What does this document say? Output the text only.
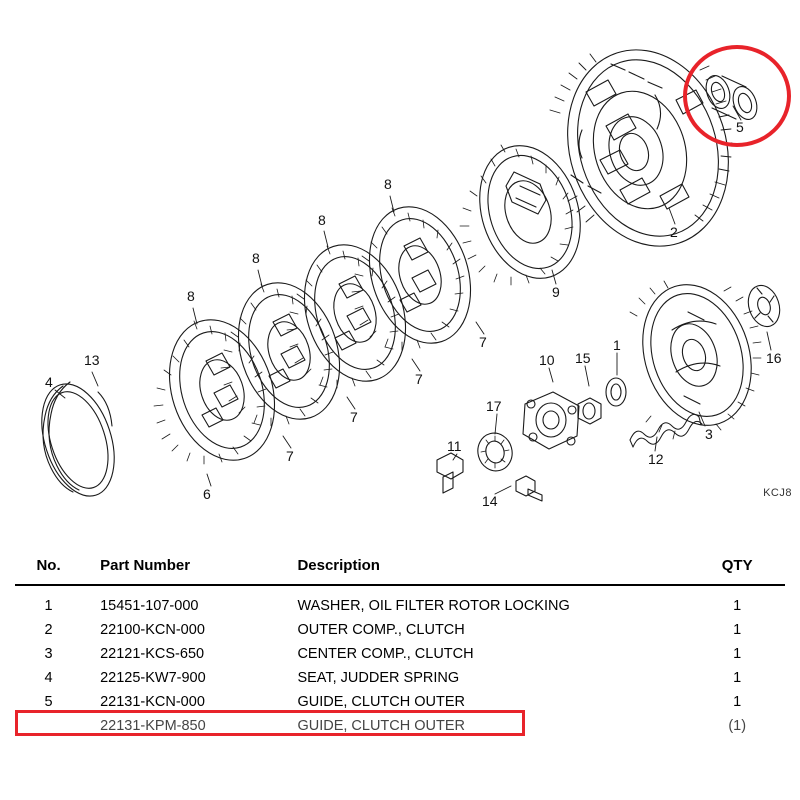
5
2
8
8
8
8	9
13
4
7
7
7
7
6
10 15
1
16
3
17
12
11
14	KCJ8
No.	Part Number	Description	QTY
1	15451-107-000	WASHER, OIL FILTER ROTOR LOCKING	1
2	22100-KCN-000	OUTER COMP., CLUTCH	1
3	22121-KCS-650	CENTER COMP., CLUTCH	1
4	22125-KW7-900	SEAT, JUDDER SPRING	1
5	22131-KCN-000	GUIDE, CLUTCH OUTER	1
	22131-KPM-850	GUIDE, CLUTCH OUTER	(1)
